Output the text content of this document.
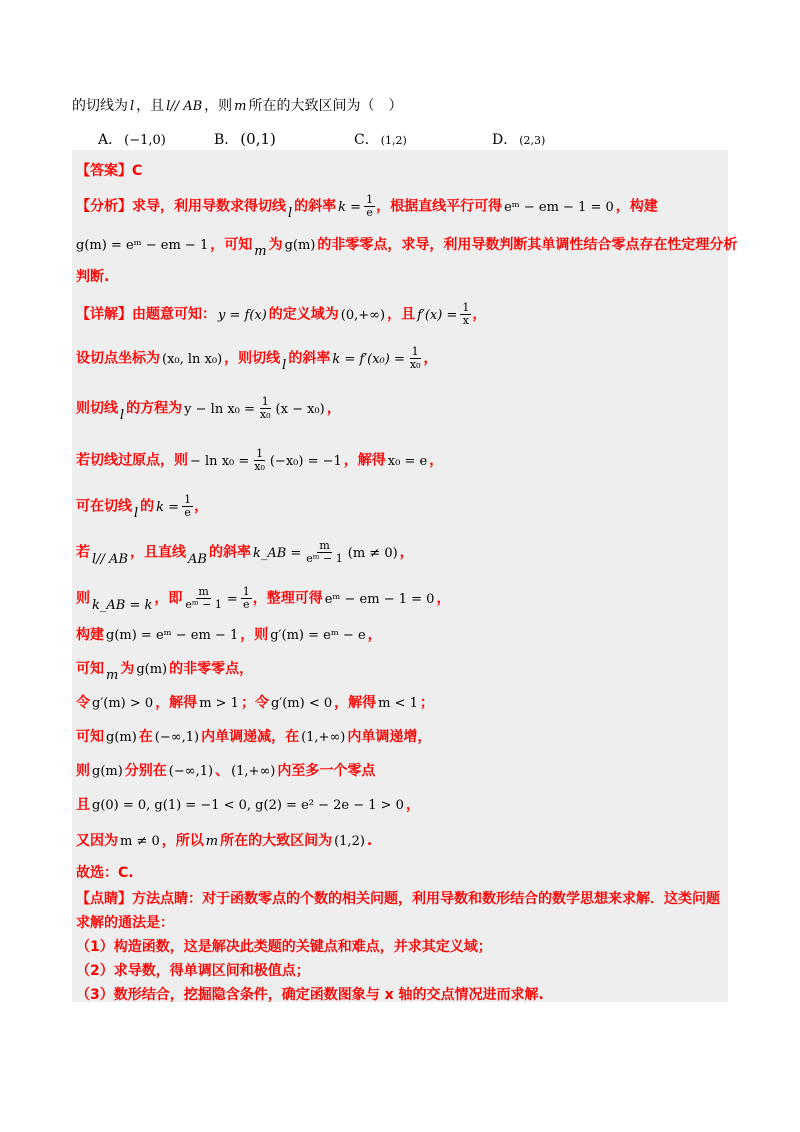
的切线为 l ，且 l// AB ，则 m 所在的大致区间为（　）
A． (−1,0)	B． (0,1)	C． (1,2)	D． (2,3)
【答案】C
【分析】求导，利用导数求得切线 l 的斜率 $k = \frac{1}{e}$ ，根据直线平行可得 eᵐ − em − 1 = 0 ，构建
g(m) = eᵐ − em − 1 ，可知 m 为 g(m) 的非零零点，求导，利用导数判断其单调性结合零点存在性定理分析
判断.
【详解】由题意可知： y = f(x) 的定义域为 (0,+∞) ，且 $f'(x) = \frac{1}{x}$ ，
设切点坐标为 (x₀, ln x₀) ，则切线 l 的斜率 $k = f'(x_0) = \frac{1}{\text{x₀}}$ ，
则切线 l 的方程为 $y - \ln x_0 = \frac{1}{\text{x₀}} (x - x_0)$ ，
若切线过原点，则 − $\ln x_0 = \frac{1}{\text{x₀}} (-x_0) = -1$ ，解得 x₀ = e ，
可在切线 l 的 $k = \frac{1}{e}$ ，
若 l// AB ，且直线 AB 的斜率 k_AB = $\frac{m}{\text{eᵐ − 1}} (m \ne 0)$ ，
则 k_AB = k ，即 $\frac{m}{\text{eᵐ − 1}} = \frac{1}{e}$ ，整理可得 eᵐ − em − 1 = 0 ，
构建 g(m) = eᵐ − em − 1 ，则 g′(m) = eᵐ − e ，
可知 m 为 g(m) 的非零零点，
令 g′(m) > 0 ，解得 m > 1 ；令 g′(m) < 0 ，解得 m < 1 ；
可知 g(m) 在 (−∞,1) 内单调递减，在 (1,+∞) 内单调递增，
则 g(m) 分别在 (−∞,1) 、 (1,+∞) 内至多一个零点
且 g(0) = 0, g(1) = −1 < 0, g(2) = e² − 2e − 1 > 0 ，
又因为 m ≠ 0 ，所以 m 所在的大致区间为 (1,2) .
故选：C.
【点睛】方法点睛：对于函数零点的个数的相关问题，利用导数和数形结合的数学思想来求解．这类问题
求解的通法是：
（1）构造函数，这是解决此类题的关键点和难点，并求其定义域；
（2）求导数，得单调区间和极值点；
（3）数形结合，挖掘隐含条件，确定函数图象与 x 轴的交点情况进而求解.
